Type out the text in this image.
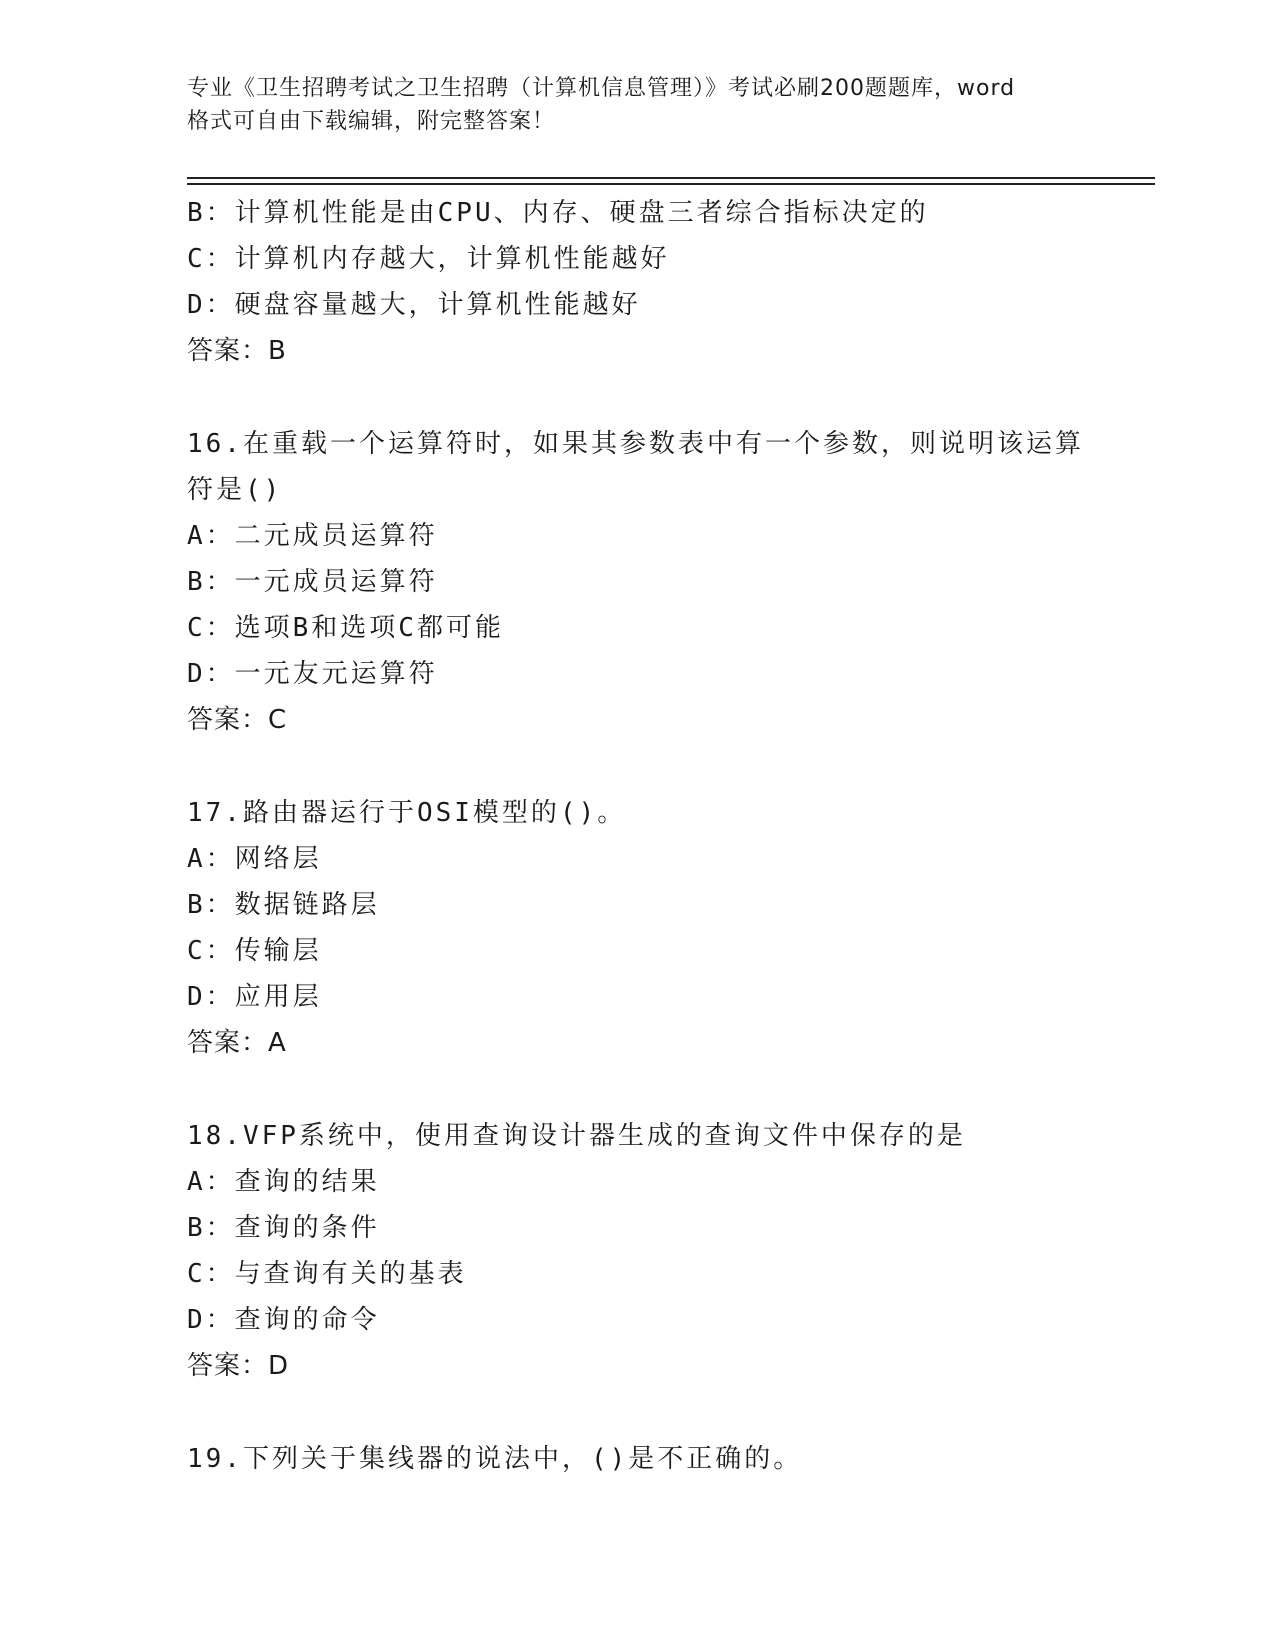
专业《卫生招聘考试之卫生招聘（计算机信息管理）》考试必刷200题题库，word
格式可自由下载编辑，附完整答案！
B：计算机性能是由CPU、内存、硬盘三者综合指标决定的
C：计算机内存越大，计算机性能越好
D：硬盘容量越大，计算机性能越好
答案：B
16.在重载一个运算符时，如果其参数表中有一个参数，则说明该运算
符是()
A：二元成员运算符
B：一元成员运算符
C：选项B和选项C都可能
D：一元友元运算符
答案：C
17.路由器运行于OSI模型的()。
A：网络层
B：数据链路层
C：传输层
D：应用层
答案：A
18.VFP系统中，使用查询设计器生成的查询文件中保存的是
A：查询的结果
B：查询的条件
C：与查询有关的基表
D：查询的命令
答案：D
19.下列关于集线器的说法中，()是不正确的。
